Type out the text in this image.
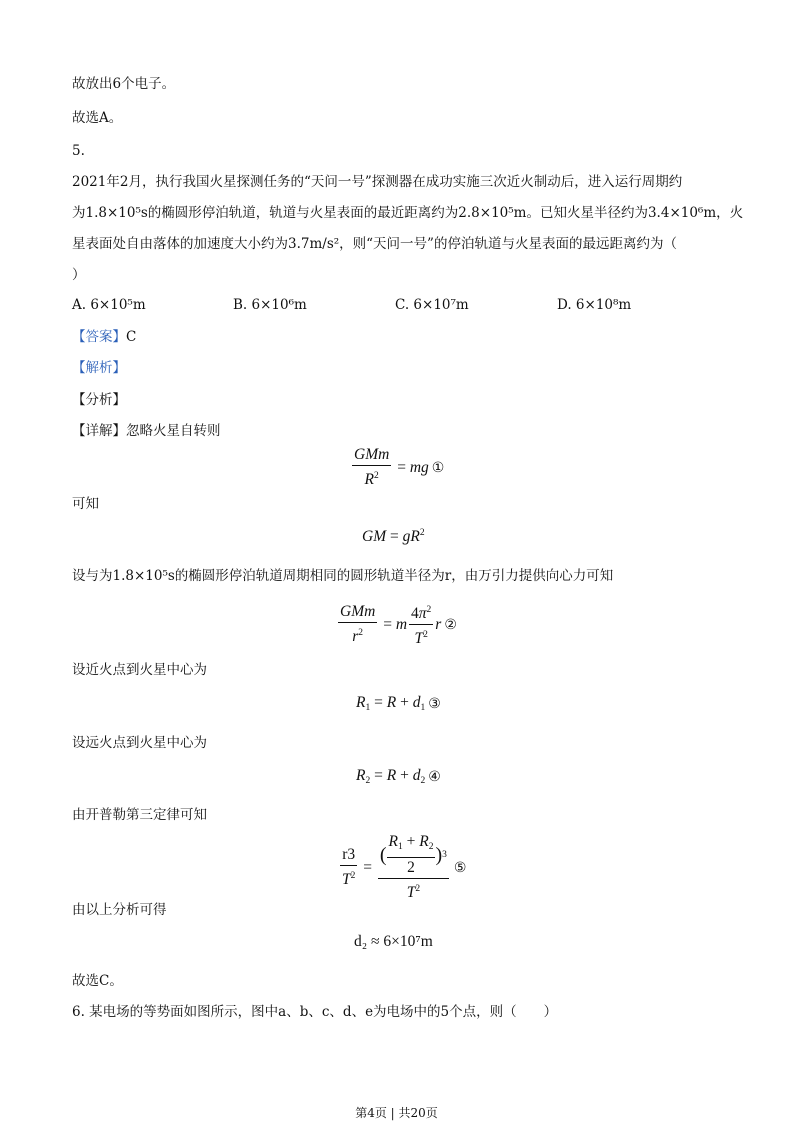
故放出6个电子。
故选A。
5.
2021年2月，执行我国火星探测任务的“天问一号”探测器在成功实施三次近火制动后，进入运行周期约
为1.8×10⁵s的椭圆形停泊轨道，轨道与火星表面的最近距离约为2.8×10⁵m。已知火星半径约为3.4×10⁶m，火
星表面处自由落体的加速度大小约为3.7m/s²，则“天问一号”的停泊轨道与火星表面的最远距离约为（
）
A. 6×10⁵m	B. 6×10⁶m	C. 6×10⁷m	D. 6×10⁸m
【答案】C
【解析】
【分析】
【详解】忽略火星自转则
$\frac{\text{GMm}}{R^2}$ = mg ①
可知
GM = $gR^2$
设与为1.8×10⁵s的椭圆形停泊轨道周期相同的圆形轨道半径为r，由万引力提供向心力可知
$\frac{\text{GMm}}{r^2} = m \frac{4\pi^2}{T^2}$ r ②
设近火点到火星中心为
$R_1 = R + d_1$ ③
设远火点到火星中心为
$R_2 = R + d_2$ ④
由开普勒第三定律可知
$\frac{r3}{T^2} = \frac{( \frac{R_1 + R_2}{2} ) 3}{T^2}$ ⑤
由以上分析可得
d₂ ≈ 6×10⁷m
故选C。
6. 某电场的等势面如图所示，图中a、b、c、d、e为电场中的5个点，则（　　）
第4页 | 共20页
